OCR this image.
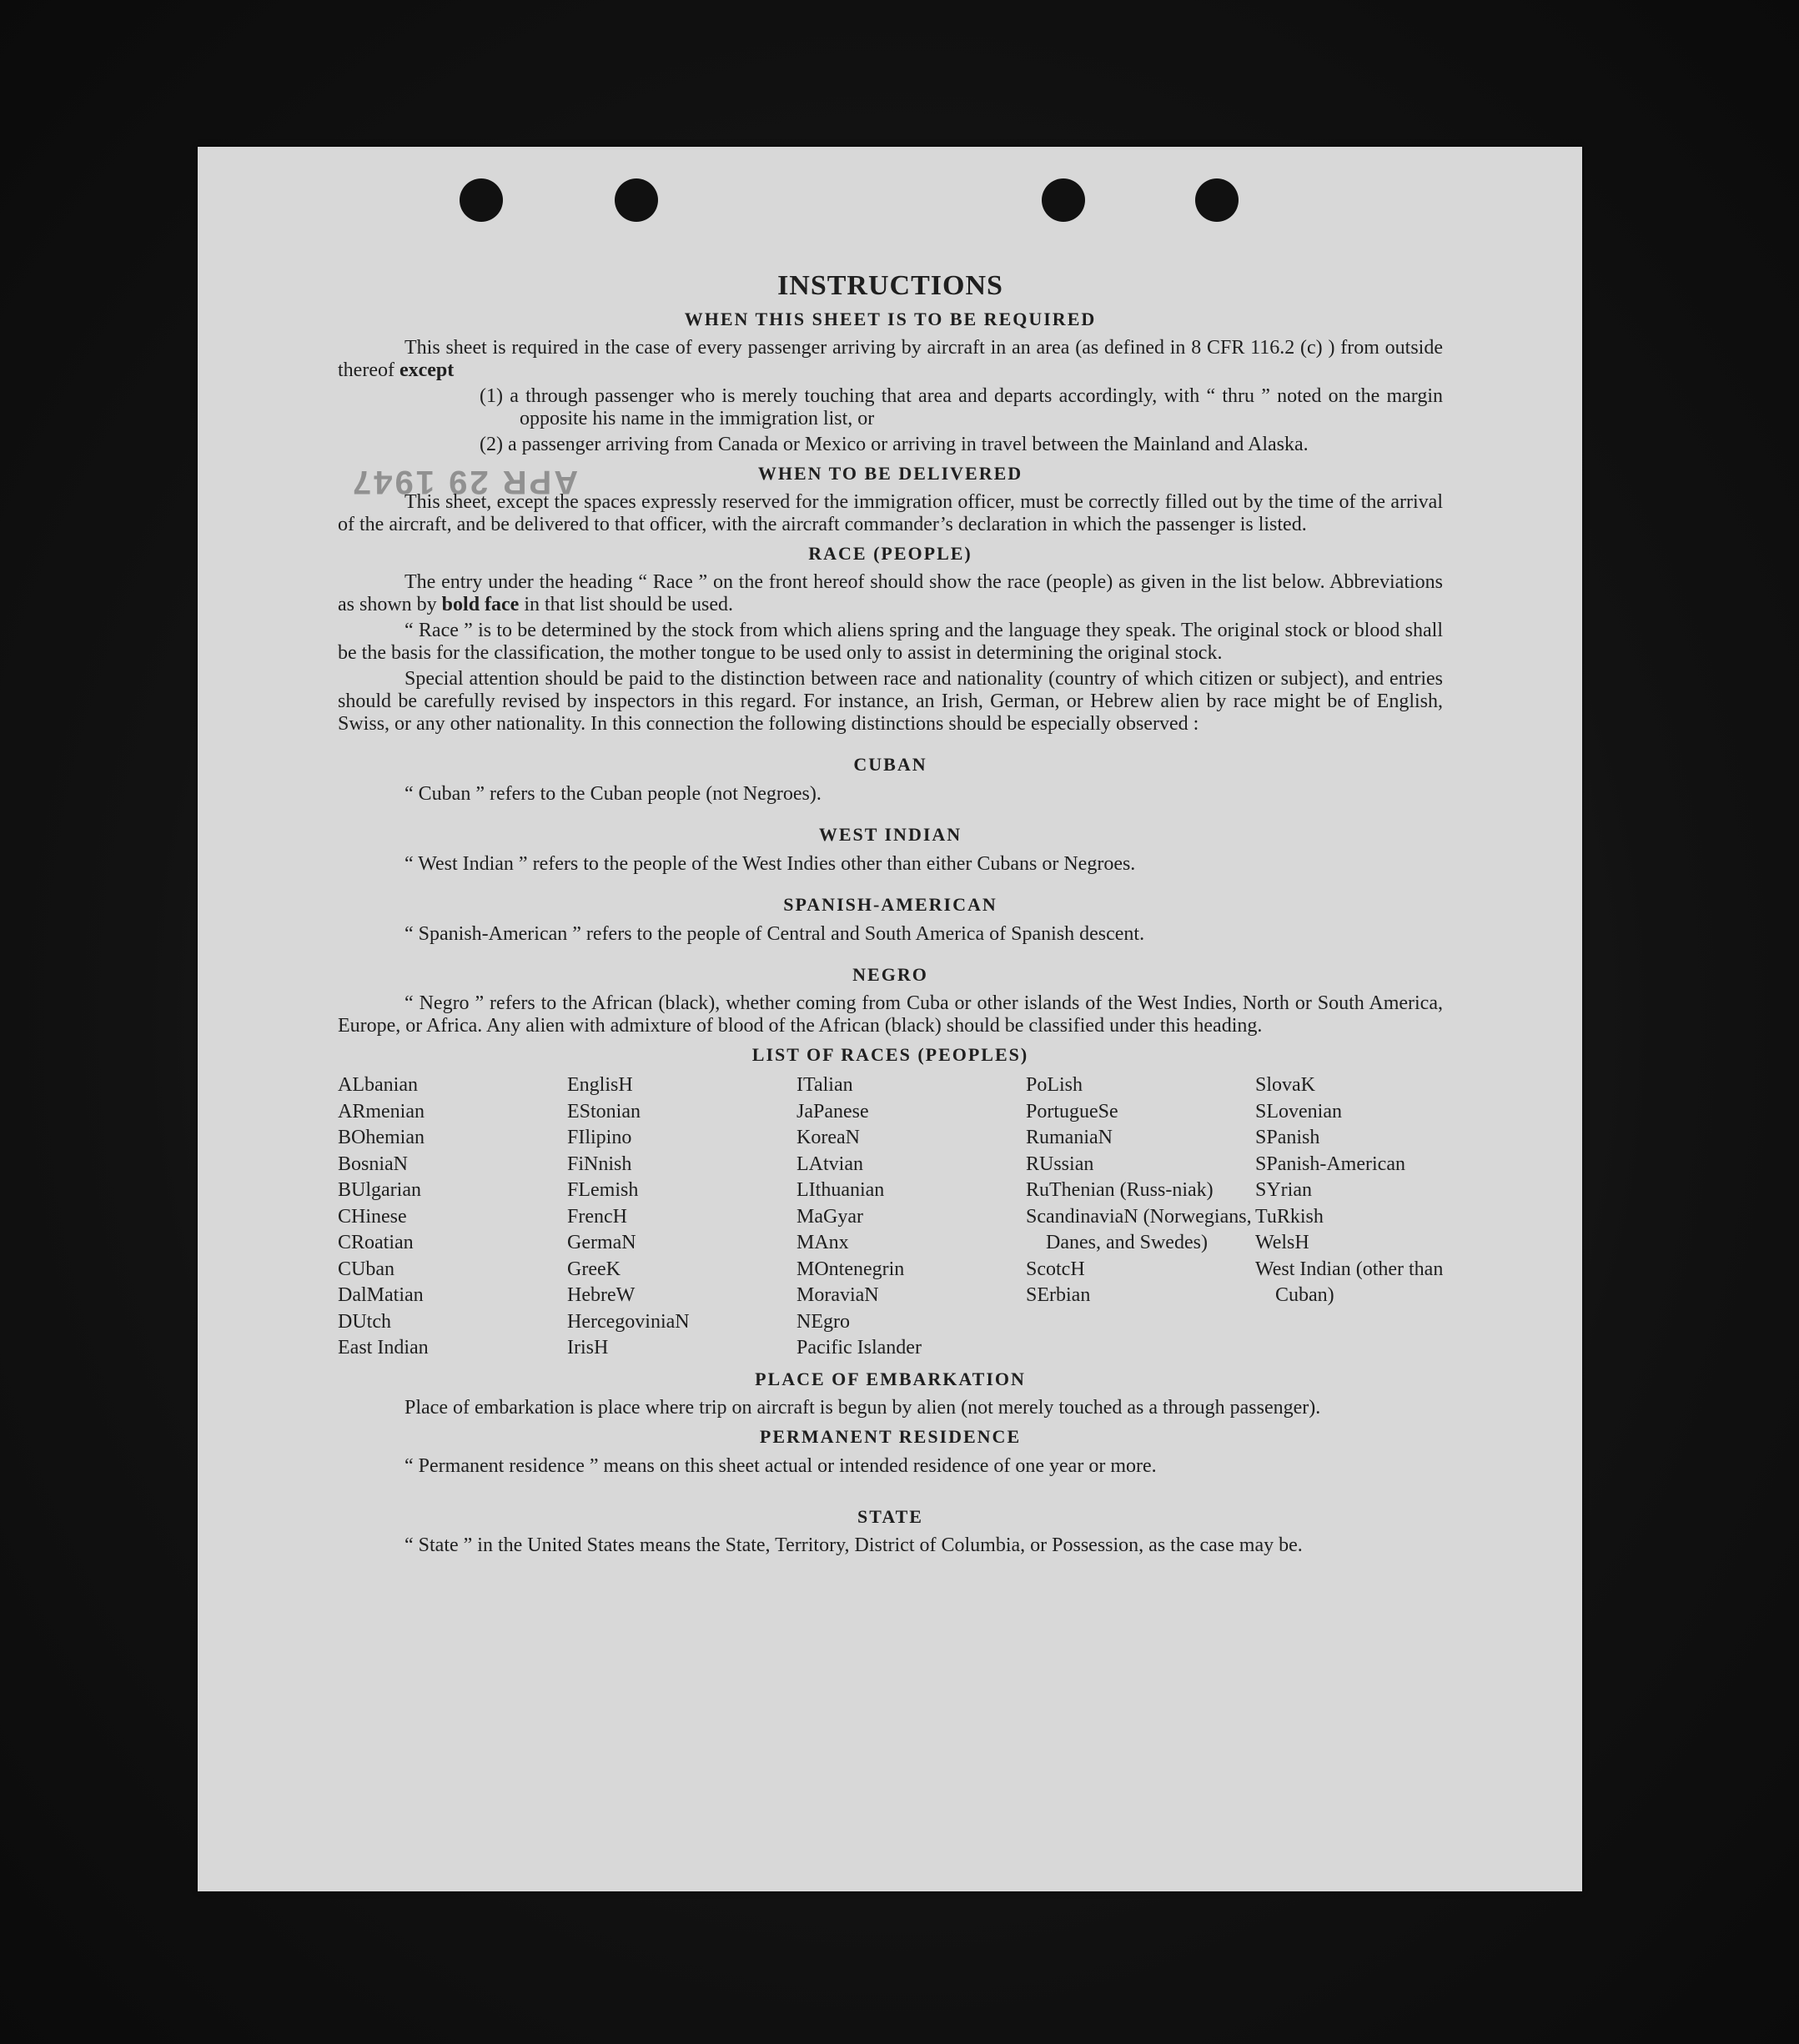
APR 29 1947
INSTRUCTIONS
WHEN THIS SHEET IS TO BE REQUIRED

This sheet is required in the case of every passenger arriving by aircraft in an area (as defined in 8 CFR 116.2 (c) ) from outside thereof except

(1) a through passenger who is merely touching that area and departs accordingly, with “ thru ” noted on the margin opposite his name in the immigration list, or

(2) a passenger arriving from Canada or Mexico or arriving in travel between the Mainland and Alaska.

WHEN TO BE DELIVERED

This sheet, except the spaces expressly reserved for the immigration officer, must be correctly filled out by the time of the arrival of the aircraft, and be delivered to that officer, with the aircraft commander’s declaration in which the passenger is listed.

RACE (PEOPLE)

The entry under the heading “ Race ” on the front hereof should show the race (people) as given in the list below. Abbreviations as shown by bold face in that list should be used.

“ Race ” is to be determined by the stock from which aliens spring and the language they speak. The original stock or blood shall be the basis for the classification, the mother tongue to be used only to assist in determining the original stock.

Special attention should be paid to the distinction between race and nationality (country of which citizen or subject), and entries should be carefully revised by inspectors in this regard. For instance, an Irish, German, or Hebrew alien by race might be of English, Swiss, or any other nationality. In this connection the following distinctions should be especially observed :

CUBAN

“ Cuban ” refers to the Cuban people (not Negroes).

WEST INDIAN

“ West Indian ” refers to the people of the West Indies other than either Cubans or Negroes.

SPANISH-AMERICAN

“ Spanish-American ” refers to the people of Central and South America of Spanish descent.

NEGRO

“ Negro ” refers to the African (black), whether coming from Cuba or other islands of the West Indies, North or South America, Europe, or Africa. Any alien with admixture of blood of the African (black) should be classified under this heading.

LIST OF RACES (PEOPLES)
ALbanian
ARmenian
BOhemian
BosniaN
BUlgarian
CHinese
CRoatian
CUban
DalMatian
DUtch
East Indian
EnglisH
EStonian
FIlipino
FiNnish
FLemish
FrencH
GermaN
GreeK
HebreW
HercegoviniaN
IrisH
ITalian
JaPanese
KoreaN
LAtvian
LIthuanian
MaGyar
MAnx
MOntenegrin
MoraviaN
NEgro
Pacific Islander
PoLish
PortugueSe
RumaniaN
RUssian
RuThenian (Russ-niak)
ScandinaviaN (Norwegians, Danes, and Swedes)
ScotcH
SErbian
SlovaK
SLovenian
SPanish
SPanish-American
SYrian
TuRkish
WelsH
West Indian (other than Cuban)
PLACE OF EMBARKATION

Place of embarkation is place where trip on aircraft is begun by alien (not merely touched as a through passenger).

PERMANENT RESIDENCE

“ Permanent residence ” means on this sheet actual or intended residence of one year or more.

STATE

“ State ” in the United States means the State, Territory, District of Columbia, or Possession, as the case may be.
